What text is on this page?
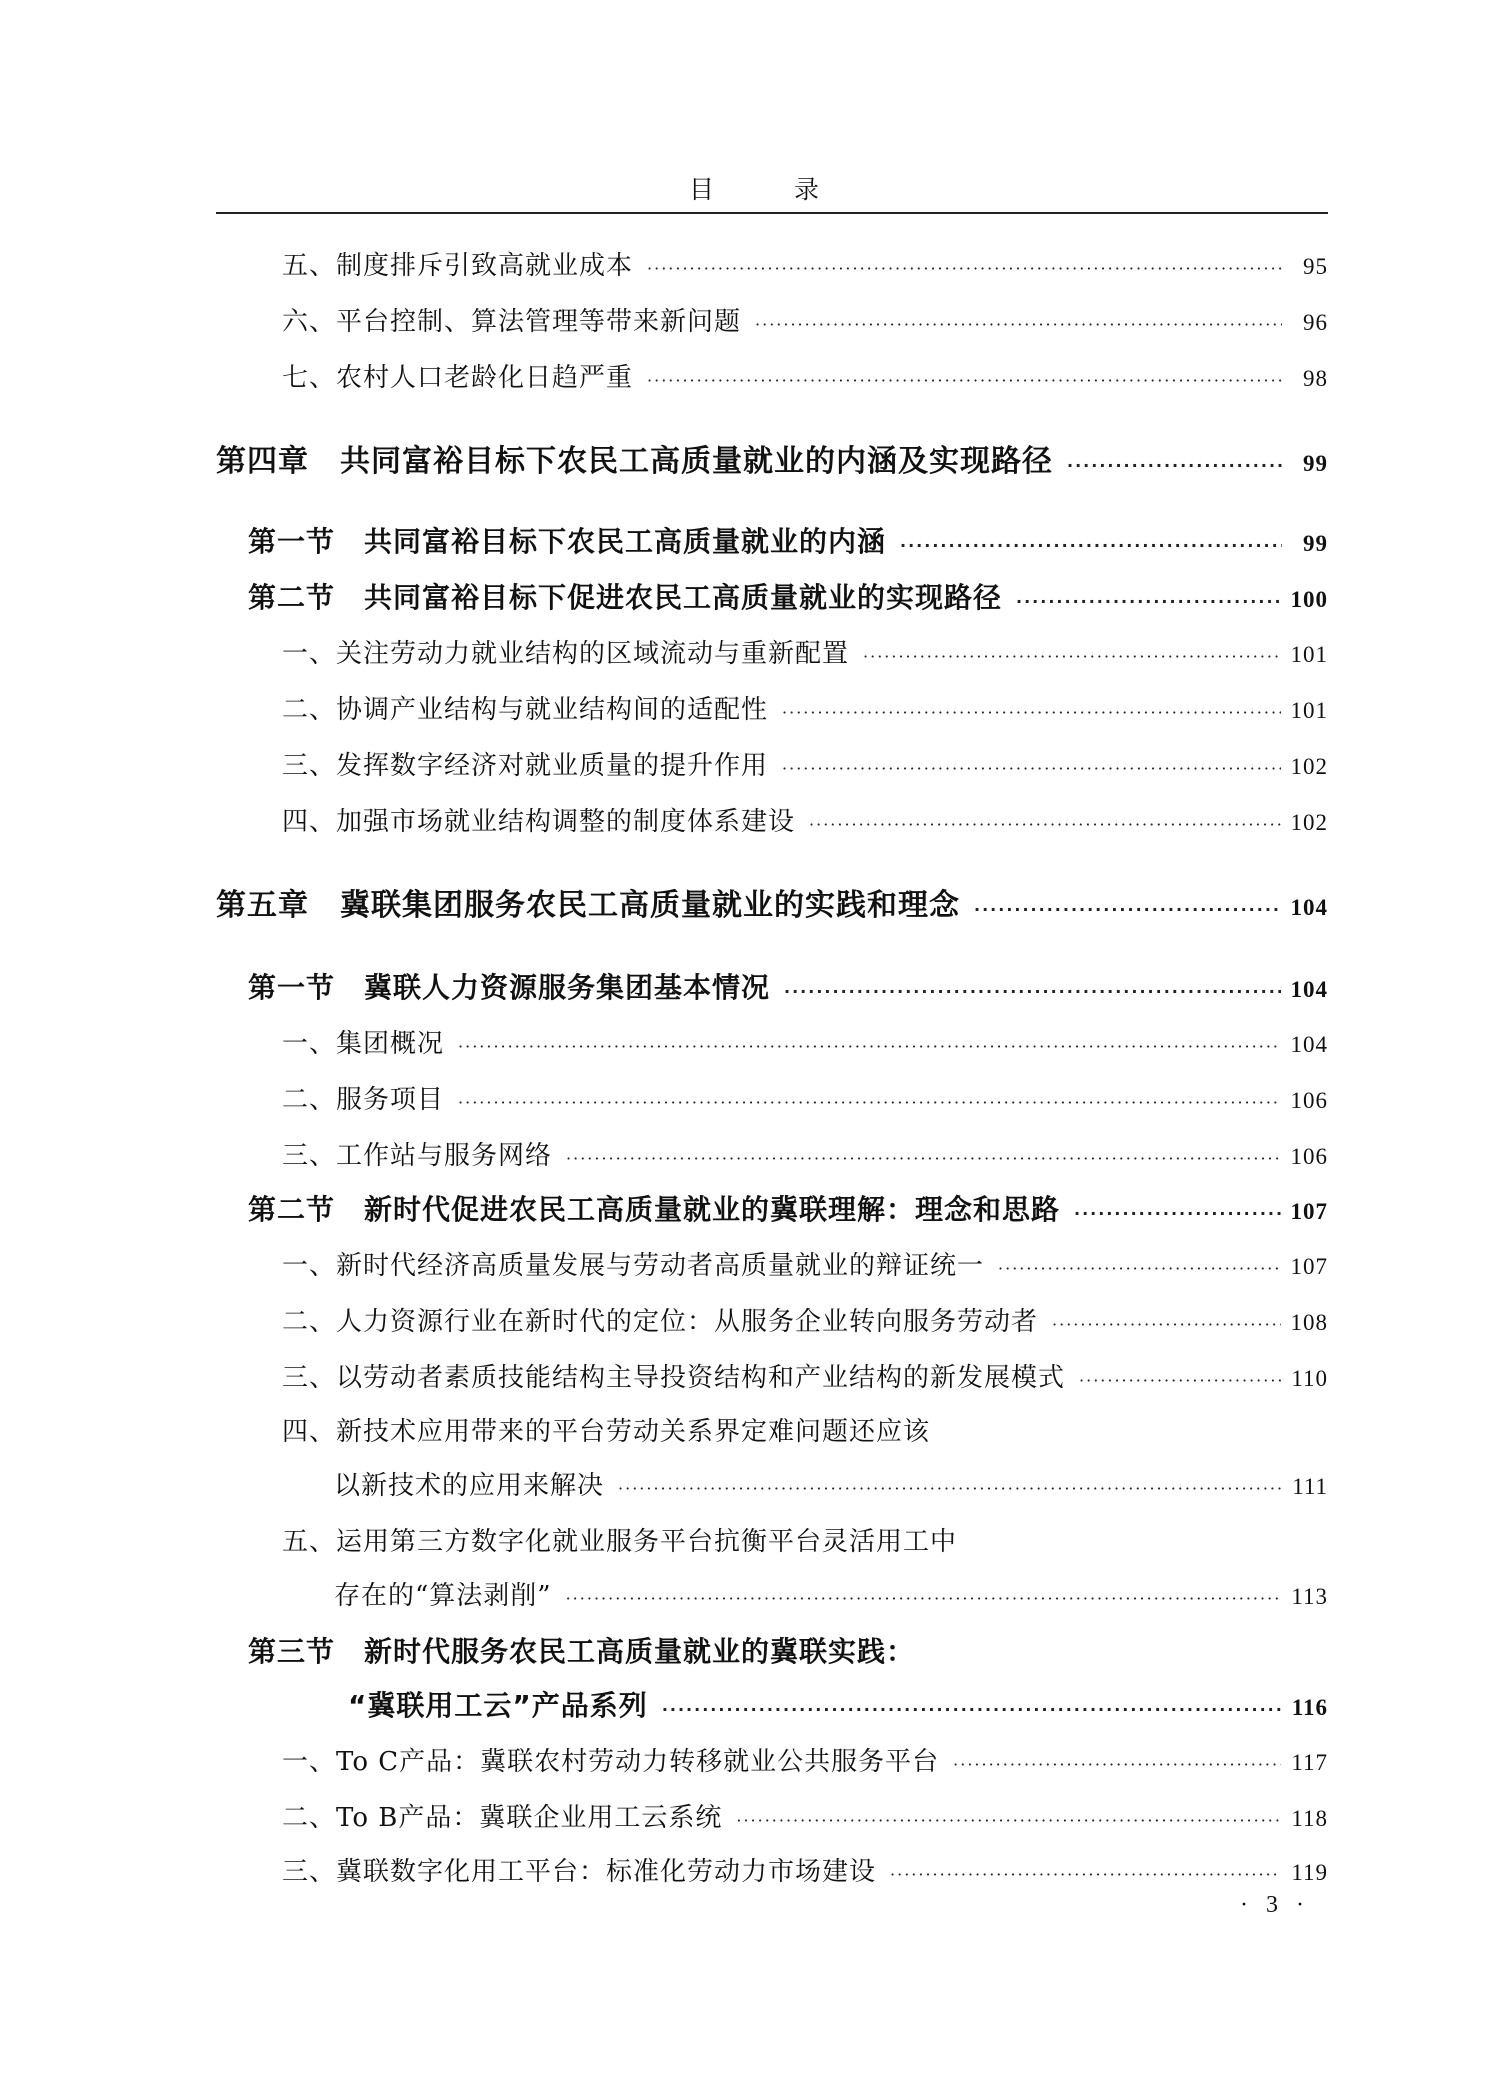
目 录
五、制度排斥引致高就业成本 ·····	95
六、平台控制、算法管理等带来新问题 ·····	96
七、农村人口老龄化日趋严重 ·····	98
第四章　共同富裕目标下农民工高质量就业的内涵及实现路径 ·····	99
第一节　共同富裕目标下农民工高质量就业的内涵 ·····	99
第二节　共同富裕目标下促进农民工高质量就业的实现路径 ·····	100
一、关注劳动力就业结构的区域流动与重新配置 ·····	101
二、协调产业结构与就业结构间的适配性 ·····	101
三、发挥数字经济对就业质量的提升作用 ·····	102
四、加强市场就业结构调整的制度体系建设 ·····	102
第五章　冀联集团服务农民工高质量就业的实践和理念 ·····	104
第一节　冀联人力资源服务集团基本情况 ·····	104
一、集团概况 ·····	104
二、服务项目 ·····	106
三、工作站与服务网络 ·····	106
第二节　新时代促进农民工高质量就业的冀联理解：理念和思路 ·····	107
一、新时代经济高质量发展与劳动者高质量就业的辩证统一 ·····	107
二、人力资源行业在新时代的定位：从服务企业转向服务劳动者 ·····	108
三、以劳动者素质技能结构主导投资结构和产业结构的新发展模式 ·····	110
四、新技术应用带来的平台劳动关系界定难问题还应该
以新技术的应用来解决 ·····	111
五、运用第三方数字化就业服务平台抗衡平台灵活用工中
存在的“算法剥削” ·····	113
第三节　新时代服务农民工高质量就业的冀联实践：
“冀联用工云”产品系列 ·····	116
一、To C产品：冀联农村劳动力转移就业公共服务平台 ·····	117
二、To B产品：冀联企业用工云系统 ·····	118
三、冀联数字化用工平台：标准化劳动力市场建设 ·····	119
· 3 ·
